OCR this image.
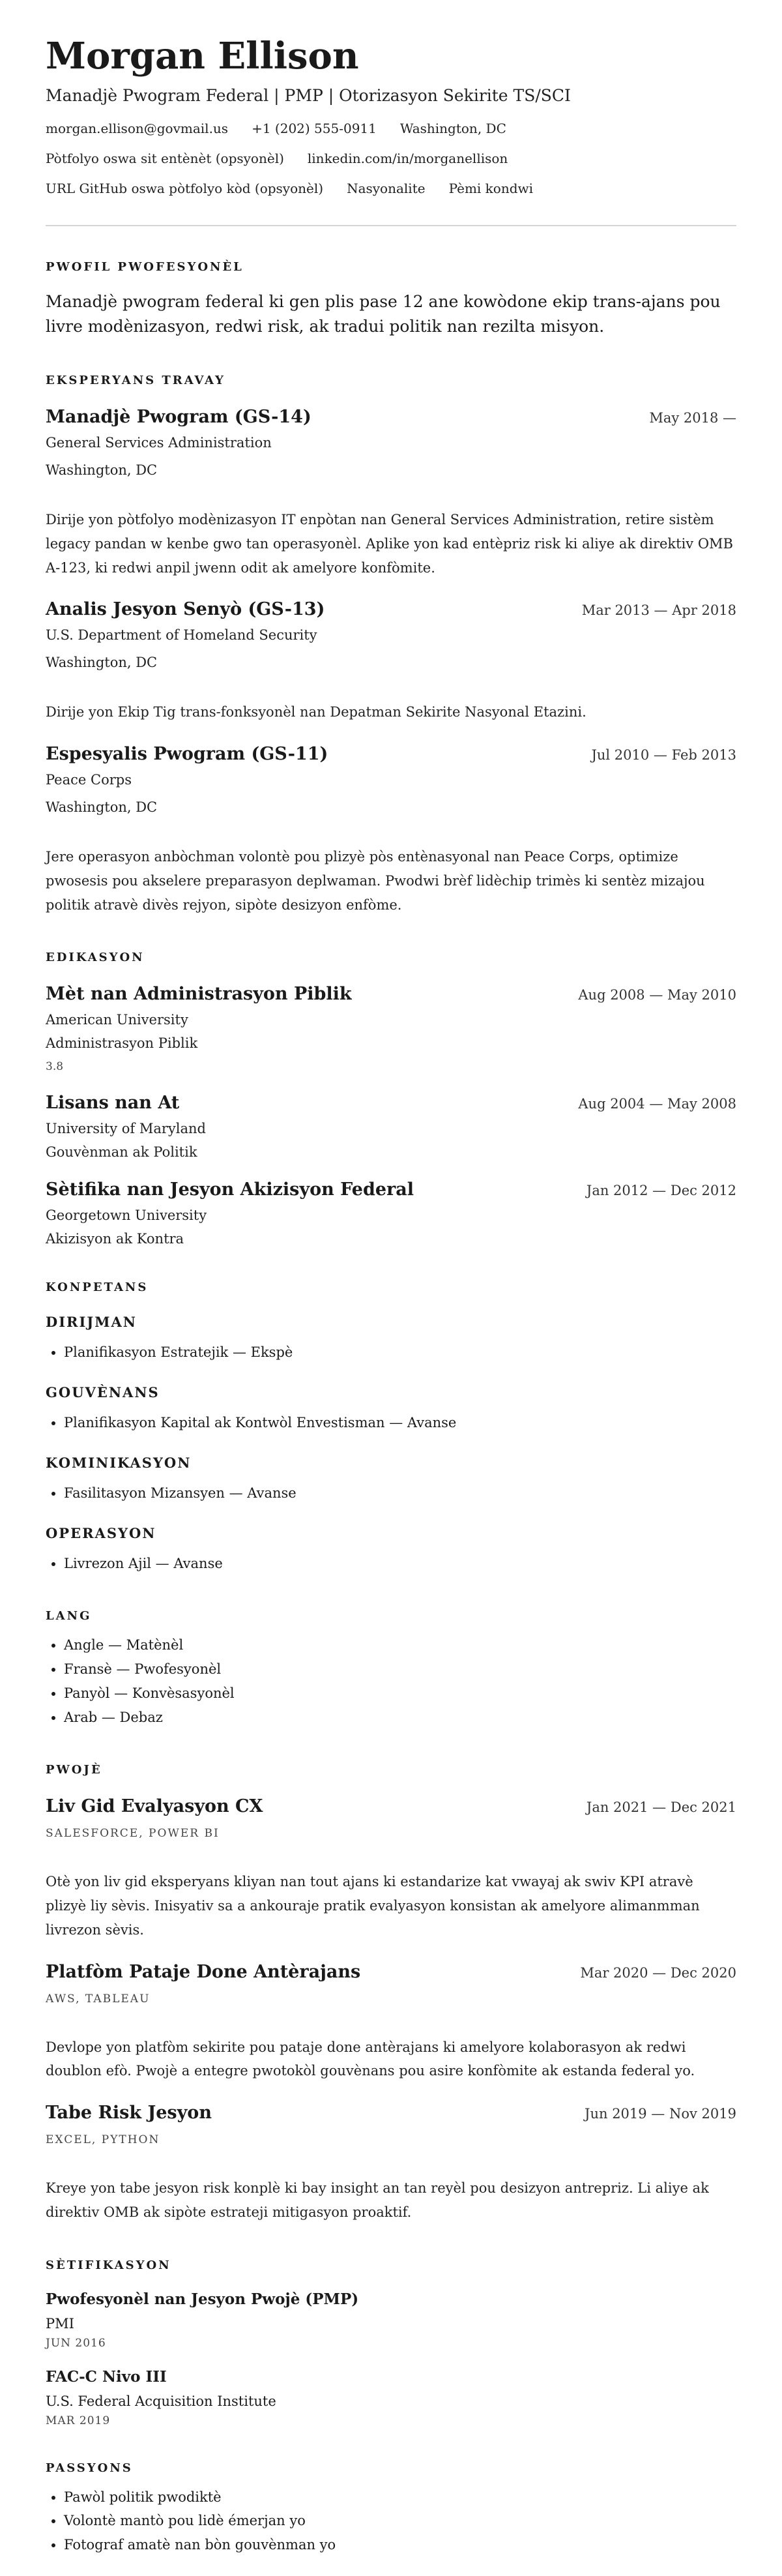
Morgan Ellison
Manadjè Pwogram Federal | PMP | Otorizasyon Sekirite TS/SCI
morgan.ellison@govmail.us +1 (202) 555-0911 Washington, DC
Pòtfolyo oswa sit entènèt (opsyonèl) linkedin.com/in/morganellison
URL GitHub oswa pòtfolyo kòd (opsyonèl) Nasyonalite Pèmi kondwi
PWOFIL PWOFESYONÈL
Manadjè pwogram federal ki gen plis pase 12 ane kowòdone ekip trans-ajans pou livre modènizasyon, redwi risk, ak tradui politik nan rezilta misyon.
EKSPERYANS TRAVAY
Manadjè Pwogram (GS-14)	May 2018 —
General Services Administration
Washington, DC
Dirije yon pòtfolyo modènizasyon IT enpòtan nan General Services Administration, retire sistèm legacy pandan w kenbe gwo tan operasyonèl. Aplike yon kad entèpriz risk ki aliye ak direktiv OMB A-123, ki redwi anpil jwenn odit ak amelyore konfòmite.
Analis Jesyon Senyò (GS-13)	Mar 2013 — Apr 2018
U.S. Department of Homeland Security
Washington, DC
Dirije yon Ekip Tig trans-fonksyonèl nan Depatman Sekirite Nasyonal Etazini.
Espesyalis Pwogram (GS-11)	Jul 2010 — Feb 2013
Peace Corps
Washington, DC
Jere operasyon anbòchman volontè pou plizyè pòs entènasyonal nan Peace Corps, optimize pwosesis pou akselere preparasyon deplwaman. Pwodwi brèf lidèchip trimès ki sentèz mizajou politik atravè divès rejyon, sipòte desizyon enfòme.
EDIKASYON
Mèt nan Administrasyon Piblik	Aug 2008 — May 2010
American University
Administrasyon Piblik
3.8
Lisans nan At	Aug 2004 — May 2008
University of Maryland
Gouvènman ak Politik
Sètifika nan Jesyon Akizisyon Federal	Jan 2012 — Dec 2012
Georgetown University
Akizisyon ak Kontra
KONPETANS
DIRIJMAN
• Planifikasyon Estratejik — Ekspè
GOUVÈNANS
• Planifikasyon Kapital ak Kontwòl Envestisman — Avanse
KOMINIKASYON
• Fasilitasyon Mizansyen — Avanse
OPERASYON
• Livrezon Ajil — Avanse
LANG
• Angle — Matènèl
• Fransè — Pwofesyonèl
• Panyòl — Konvèsasyonèl
• Arab — Debaz
PWOJÈ
Liv Gid Evalyasyon CX	Jan 2021 — Dec 2021
SALESFORCE, POWER BI
Otè yon liv gid eksperyans kliyan nan tout ajans ki estandarize kat vwayaj ak swiv KPI atravè plizyè liy sèvis. Inisyativ sa a ankouraje pratik evalyasyon konsistan ak amelyore alimanmman livrezon sèvis.
Platfòm Pataje Done Antèrajans	Mar 2020 — Dec 2020
AWS, TABLEAU
Devlope yon platfòm sekirite pou pataje done antèrajans ki amelyore kolaborasyon ak redwi doublon efò. Pwojè a entegre pwotokòl gouvènans pou asire konfòmite ak estanda federal yo.
Tabe Risk Jesyon	Jun 2019 — Nov 2019
EXCEL, PYTHON
Kreye yon tabe jesyon risk konplè ki bay insight an tan reyèl pou desizyon antrepriz. Li aliye ak direktiv OMB ak sipòte estrateji mitigasyon proaktif.
SÈTIFIKASYON
Pwofesyonèl nan Jesyon Pwojè (PMP)
PMI
JUN 2016
FAC-C Nivo III
U.S. Federal Acquisition Institute
MAR 2019
PASSYONS
• Pawòl politik pwodiktè
• Volontè mantò pou lidè émerjan yo
• Fotograf amatè nan bòn gouvènman yo
